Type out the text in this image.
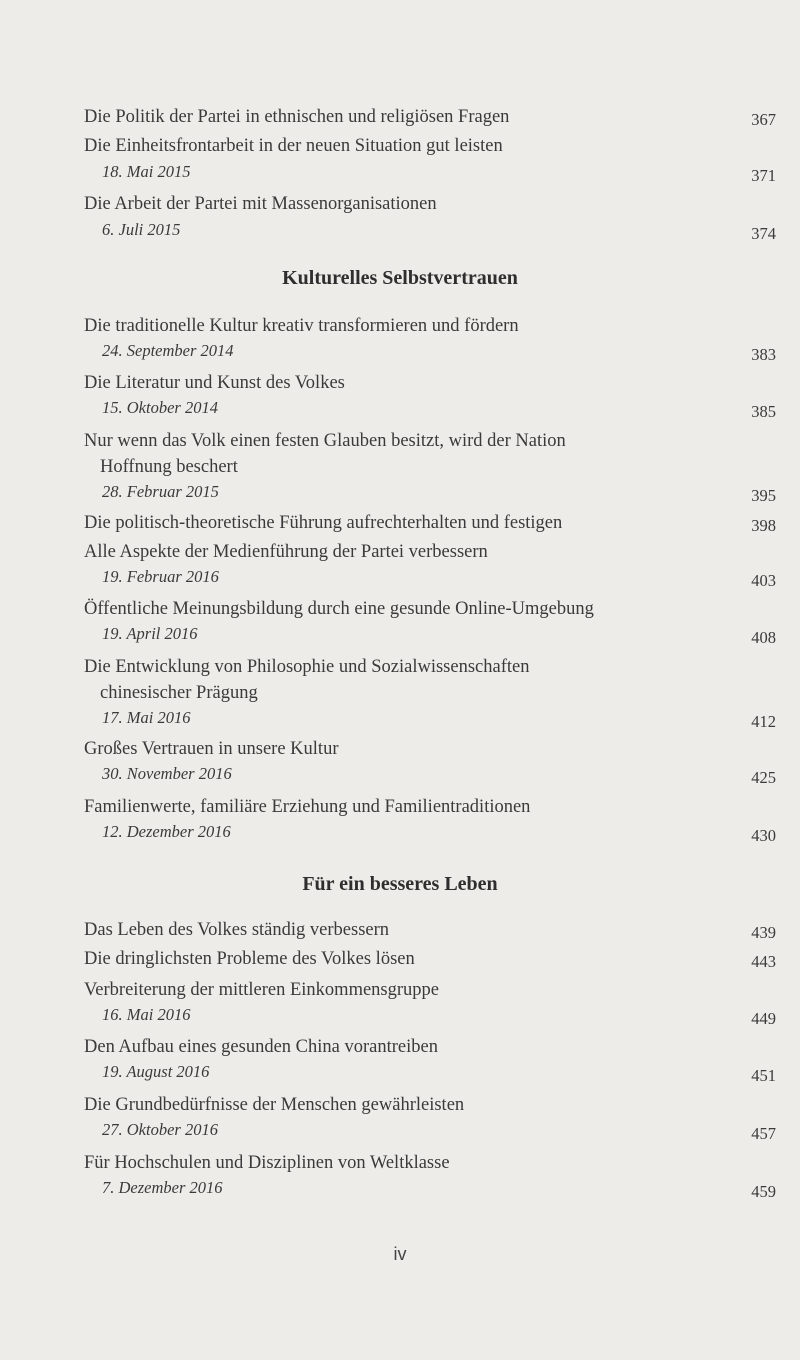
Die Politik der Partei in ethnischen und religiösen Fragen	367
Die Einheitsfrontarbeit in der neuen Situation gut leisten
18. Mai 2015	371
Die Arbeit der Partei mit Massenorganisationen
6. Juli 2015	374
Kulturelles Selbstvertrauen
Die traditionelle Kultur kreativ transformieren und fördern
24. September 2014	383
Die Literatur und Kunst des Volkes
15. Oktober 2014	385
Nur wenn das Volk einen festen Glauben besitzt, wird der Nation
Hoffnung beschert
28. Februar 2015	395
Die politisch-theoretische Führung aufrechterhalten und festigen	398
Alle Aspekte der Medienführung der Partei verbessern
19. Februar 2016	403
Öffentliche Meinungsbildung durch eine gesunde Online-Umgebung
19. April 2016	408
Die Entwicklung von Philosophie und Sozialwissenschaften
chinesischer Prägung
17. Mai 2016	412
Großes Vertrauen in unsere Kultur
30. November 2016	425
Familienwerte, familiäre Erziehung und Familientraditionen
12. Dezember 2016	430
Für ein besseres Leben
Das Leben des Volkes ständig verbessern	439
Die dringlichsten Probleme des Volkes lösen	443
Verbreiterung der mittleren Einkommensgruppe
16. Mai 2016	449
Den Aufbau eines gesunden China vorantreiben
19. August 2016	451
Die Grundbedürfnisse der Menschen gewährleisten
27. Oktober 2016	457
Für Hochschulen und Disziplinen von Weltklasse
7. Dezember 2016	459
iv
